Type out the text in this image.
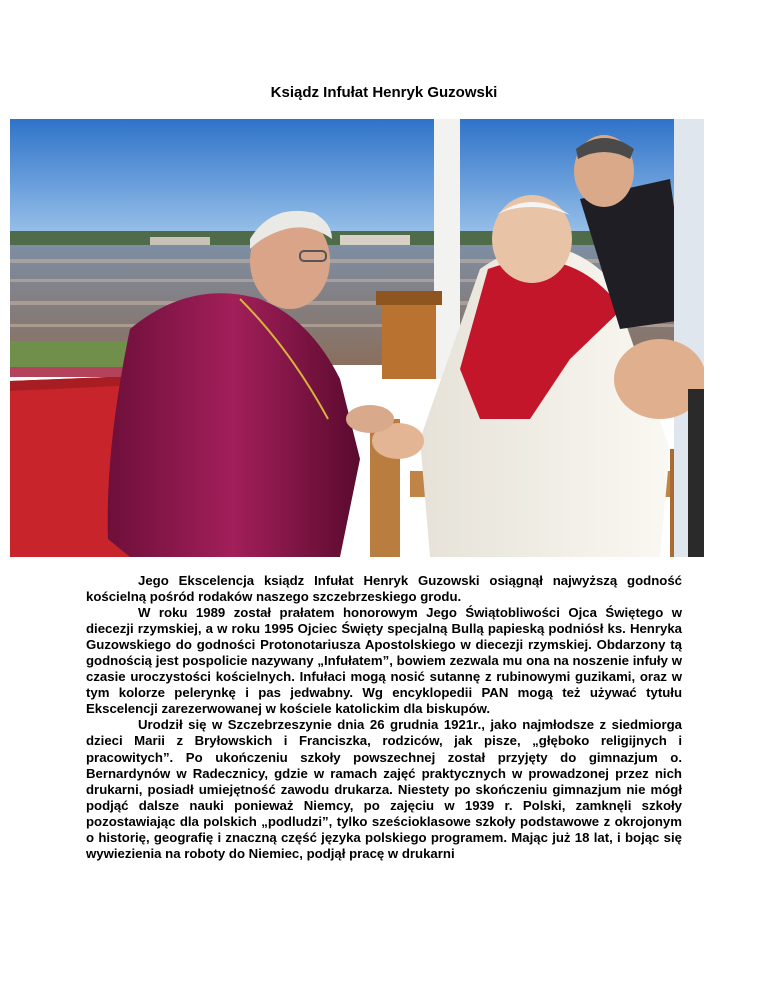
Ksiądz Infułat Henryk Guzowski

Jego Ekscelencja ksiądz Infułat Henryk Guzowski osiągnął najwyższą godność kościelną pośród rodaków naszego szczebrzeskiego grodu.

W roku 1989 został prałatem honorowym Jego Świątobliwości Ojca Świętego w diecezji rzymskiej, a w roku 1995 Ojciec Święty specjalną Bullą papieską podniósł ks. Henryka Guzowskiego do godności Protonotariusza Apostolskiego w diecezji rzymskiej. Obdarzony tą godnością jest pospolicie nazywany „Infułatem”, bowiem zezwala mu ona na noszenie infuły w czasie uroczystości kościelnych. Infułaci mogą nosić sutannę z rubinowymi guzikami, oraz w tym kolorze pelerynkę i pas jedwabny. Wg encyklopedii PAN mogą też używać tytułu Ekscelencji zarezerwowanej w kościele katolickim dla biskupów.

Urodził się w Szczebrzeszynie dnia 26 grudnia 1921r., jako najmłodsze z siedmiorga dzieci Marii z Bryłowskich i Franciszka, rodziców, jak pisze, „głęboko religijnych i pracowitych”. Po ukończeniu szkoły powszechnej został przyjęty do gimnazjum o. Bernardynów w Radecznicy, gdzie w ramach zajęć praktycznych w prowadzonej przez nich drukarni, posiadł umiejętność zawodu drukarza. Niestety po skończeniu gimnazjum nie mógł podjąć dalsze nauki ponieważ Niemcy, po zajęciu w 1939 r. Polski, zamknęli szkoły pozostawiając dla polskich „podludzi”, tylko sześcioklasowe szkoły podstawowe z okrojonym o historię, geografię i znaczną część języka polskiego programem. Mając już 18 lat, i bojąc się wywiezienia na roboty do Niemiec, podjął pracę w drukarni
